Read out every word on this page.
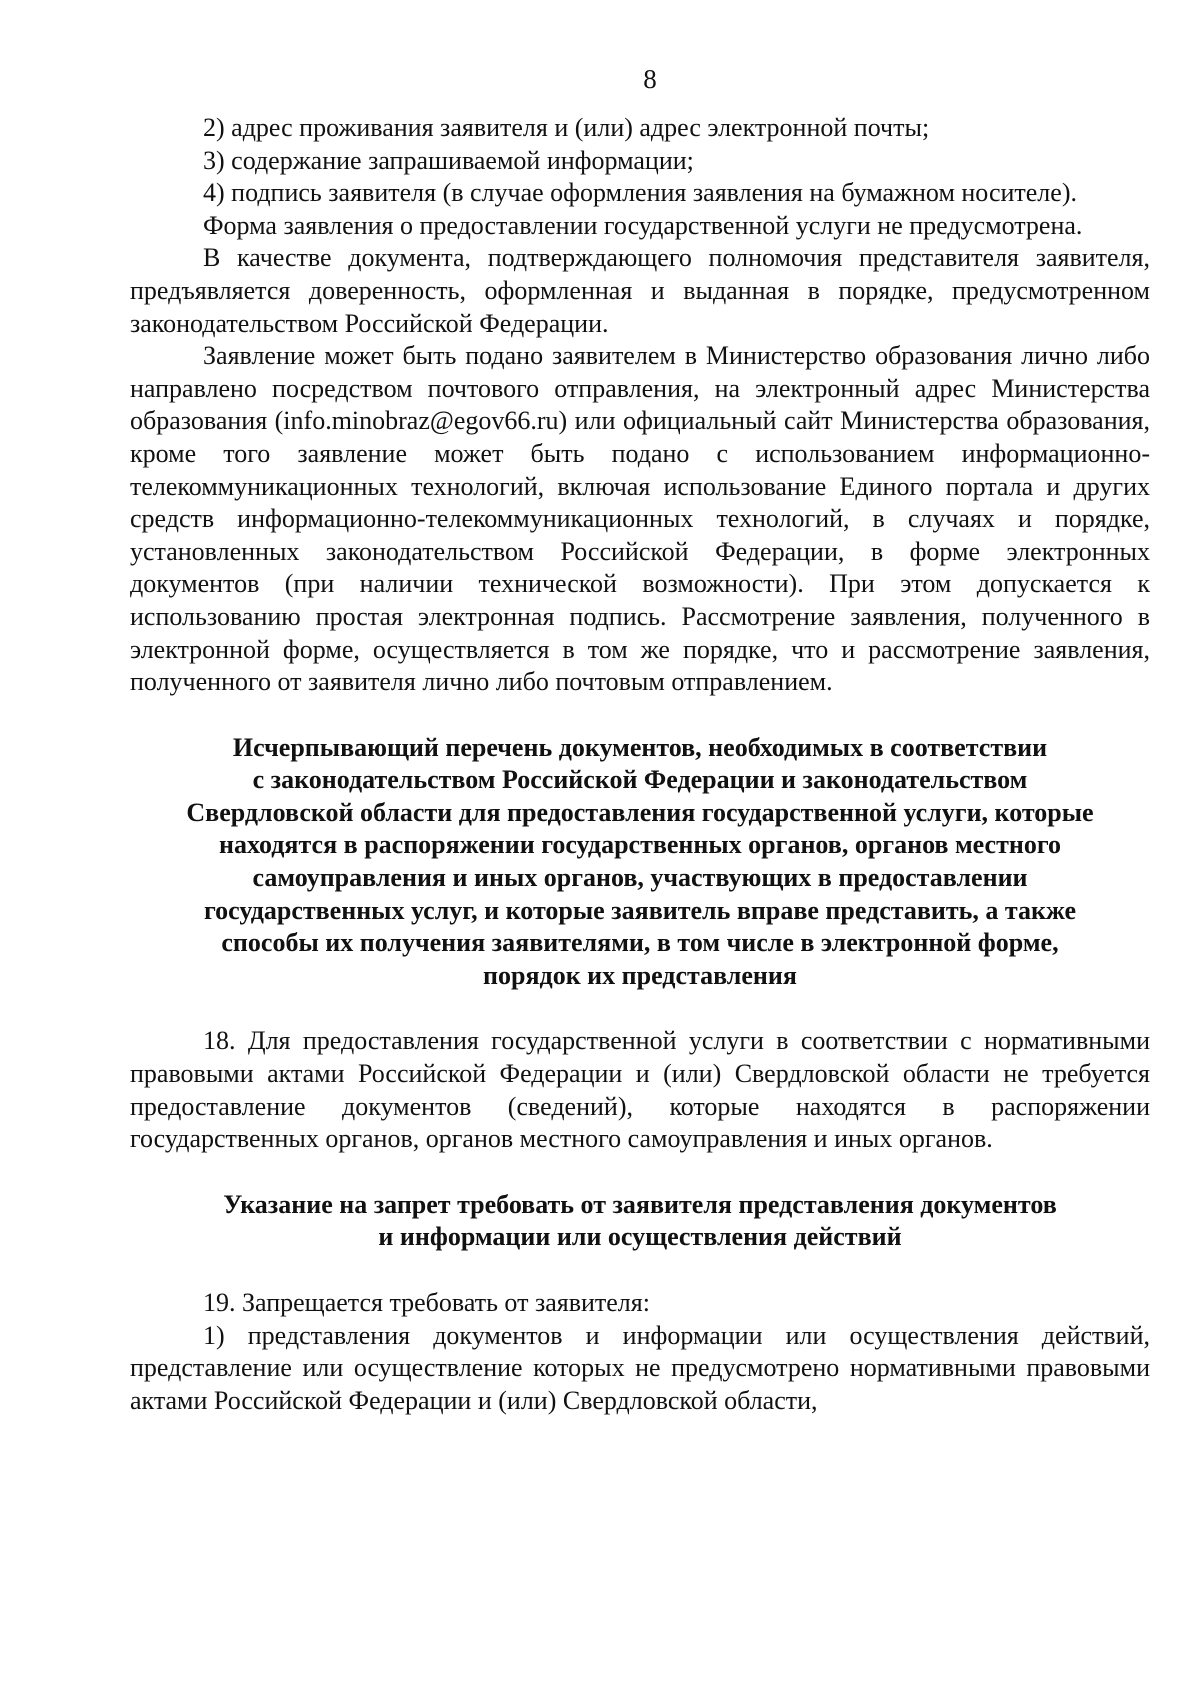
8

2) адрес проживания заявителя и (или) адрес электронной почты;

3) содержание запрашиваемой информации;

4) подпись заявителя (в случае оформления заявления на бумажном носителе).

Форма заявления о предоставлении государственной услуги не предусмотрена.

В качестве документа, подтверждающего полномочия представителя заявителя, предъявляется доверенность, оформленная и выданная в порядке, предусмотренном законодательством Российской Федерации.

Заявление может быть подано заявителем в Министерство образования лично либо направлено посредством почтового отправления, на электронный адрес Министерства образования (info.minobraz@egov66.ru) или официальный сайт Министерства образования, кроме того заявление может быть подано с использованием информационно-телекоммуникационных технологий, включая использование Единого портала и других средств информационно-телекоммуникационных технологий, в случаях и порядке, установленных законодательством Российской Федерации, в форме электронных документов (при наличии технической возможности). При этом допускается к использованию простая электронная подпись. Рассмотрение заявления, полученного в электронной форме, осуществляется в том же порядке, что и рассмотрение заявления, полученного от заявителя лично либо почтовым отправлением.

Исчерпывающий перечень документов, необходимых в соответствии
с законодательством Российской Федерации и законодательством
Свердловской области для предоставления государственной услуги, которые
находятся в распоряжении государственных органов, органов местного
самоуправления и иных органов, участвующих в предоставлении
государственных услуг, и которые заявитель вправе представить, а также
способы их получения заявителями, в том числе в электронной форме,
порядок их представления

18. Для предоставления государственной услуги в соответствии с нормативными правовыми актами Российской Федерации и (или) Свердловской области не требуется предоставление документов (сведений), которые находятся в распоряжении государственных органов, органов местного самоуправления и иных органов.

Указание на запрет требовать от заявителя представления документов
и информации или осуществления действий

19. Запрещается требовать от заявителя:

1) представления документов и информации или осуществления действий, представление или осуществление которых не предусмотрено нормативными правовыми актами Российской Федерации и (или) Свердловской области,
